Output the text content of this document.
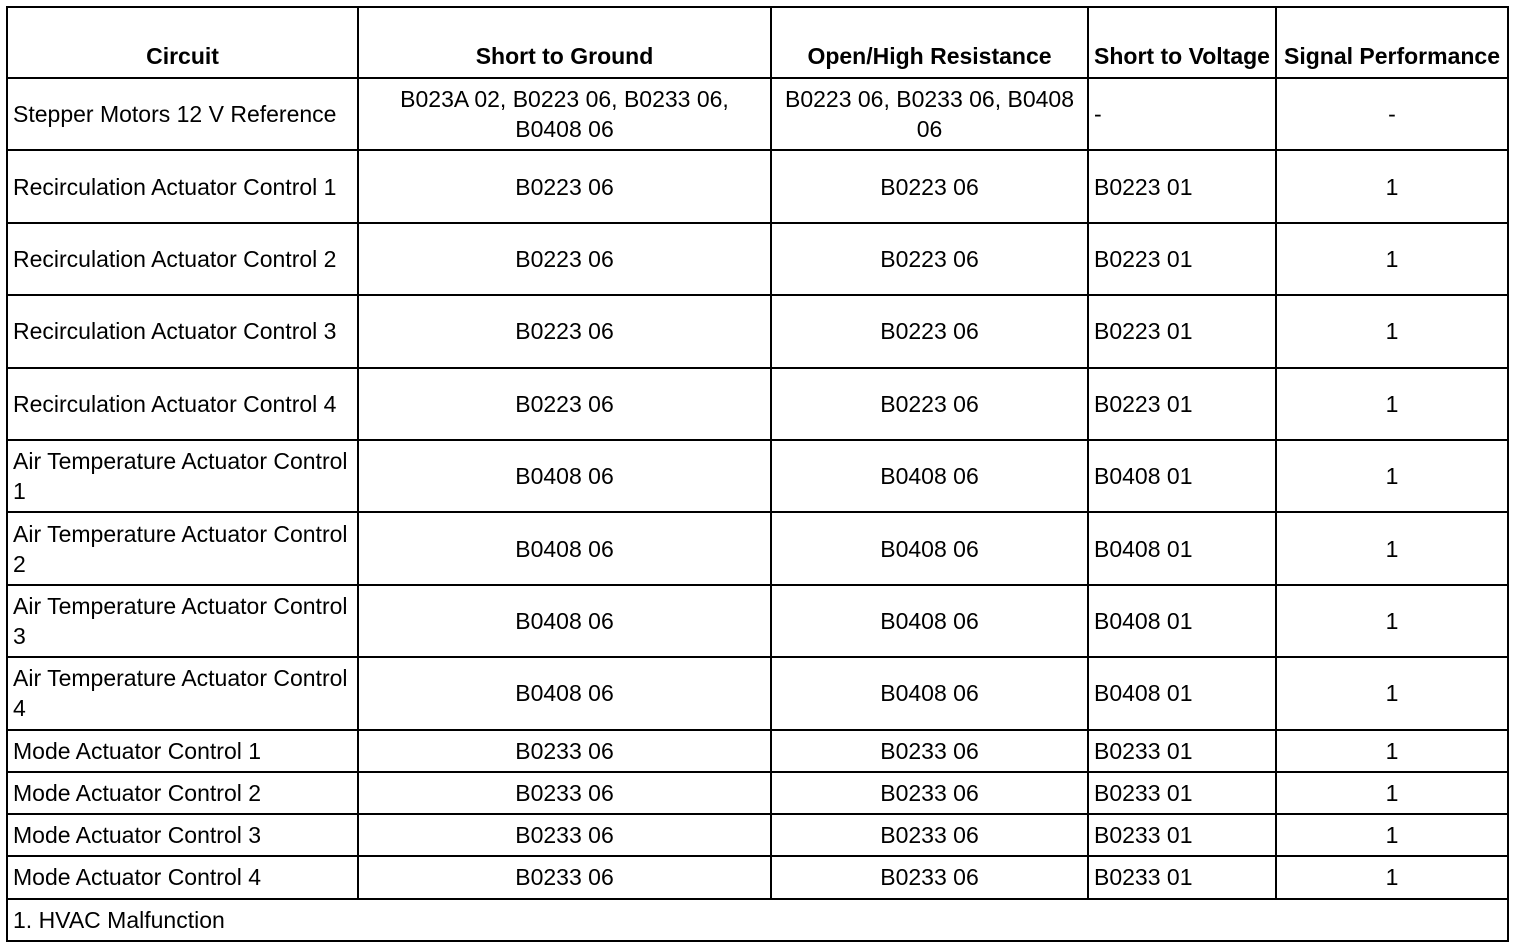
Circuit	Short to Ground	Open/High Resistance	Short to Voltage	Signal Performance
Stepper Motors 12 V Reference	B023A 02, B0223 06, B0233 06, B0408 06	B0223 06, B0233 06, B0408 06	-	-
Recirculation Actuator Control 1	B0223 06	B0223 06	B0223 01	1
Recirculation Actuator Control 2	B0223 06	B0223 06	B0223 01	1
Recirculation Actuator Control 3	B0223 06	B0223 06	B0223 01	1
Recirculation Actuator Control 4	B0223 06	B0223 06	B0223 01	1
Air Temperature Actuator Control 1	B0408 06	B0408 06	B0408 01	1
Air Temperature Actuator Control 2	B0408 06	B0408 06	B0408 01	1
Air Temperature Actuator Control 3	B0408 06	B0408 06	B0408 01	1
Air Temperature Actuator Control 4	B0408 06	B0408 06	B0408 01	1
Mode Actuator Control 1	B0233 06	B0233 06	B0233 01	1
Mode Actuator Control 2	B0233 06	B0233 06	B0233 01	1
Mode Actuator Control 3	B0233 06	B0233 06	B0233 01	1
Mode Actuator Control 4	B0233 06	B0233 06	B0233 01	1
1. HVAC Malfunction				
